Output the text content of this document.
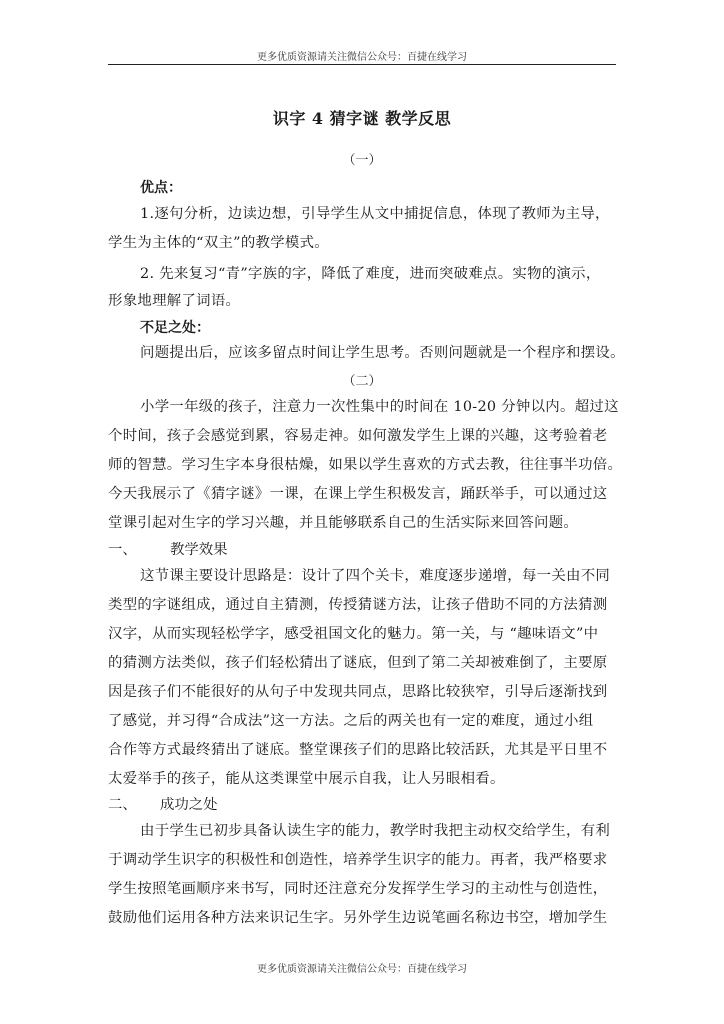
更多优质资源请关注微信公众号：百捷在线学习
识字 4 猜字谜 教学反思
（一）
优点：
1.逐句分析，边读边想，引导学生从文中捕捉信息，体现了教师为主导，
学生为主体的“双主”的教学模式。
2. 先来复习“青”字族的字，降低了难度，进而突破难点。实物的演示，
形象地理解了词语。
不足之处：
问题提出后，应该多留点时间让学生思考。否则问题就是一个程序和摆设。
（二）
小学一年级的孩子，注意力一次性集中的时间在 10-20 分钟以内。超过这
个时间，孩子会感觉到累，容易走神。如何激发学生上课的兴趣，这考验着老
师的智慧。学习生字本身很枯燥，如果以学生喜欢的方式去教，往往事半功倍。
今天我展示了《猜字谜》一课，在课上学生积极发言，踊跃举手，可以通过这
堂课引起对生字的学习兴趣，并且能够联系自己的生活实际来回答问题。
一、 教学效果
这节课主要设计思路是：设计了四个关卡，难度逐步递增，每一关由不同
类型的字谜组成，通过自主猜测，传授猜谜方法，让孩子借助不同的方法猜测
汉字，从而实现轻松学字，感受祖国文化的魅力。第一关，与 “趣味语文”中
的猜测方法类似，孩子们轻松猜出了谜底，但到了第二关却被难倒了，主要原
因是孩子们不能很好的从句子中发现共同点，思路比较狭窄，引导后逐渐找到
了感觉，并习得“合成法”这一方法。之后的两关也有一定的难度，通过小组
合作等方式最终猜出了谜底。整堂课孩子们的思路比较活跃，尤其是平日里不
太爱举手的孩子，能从这类课堂中展示自我，让人另眼相看。
二、 成功之处
由于学生已初步具备认读生字的能力，教学时我把主动权交给学生，有利
于调动学生识字的积极性和创造性，培养学生识字的能力。再者，我严格要求
学生按照笔画顺序来书写，同时还注意充分发挥学生学习的主动性与创造性，
鼓励他们运用各种方法来识记生字。另外学生边说笔画名称边书空，增加学生
更多优质资源请关注微信公众号：百捷在线学习
